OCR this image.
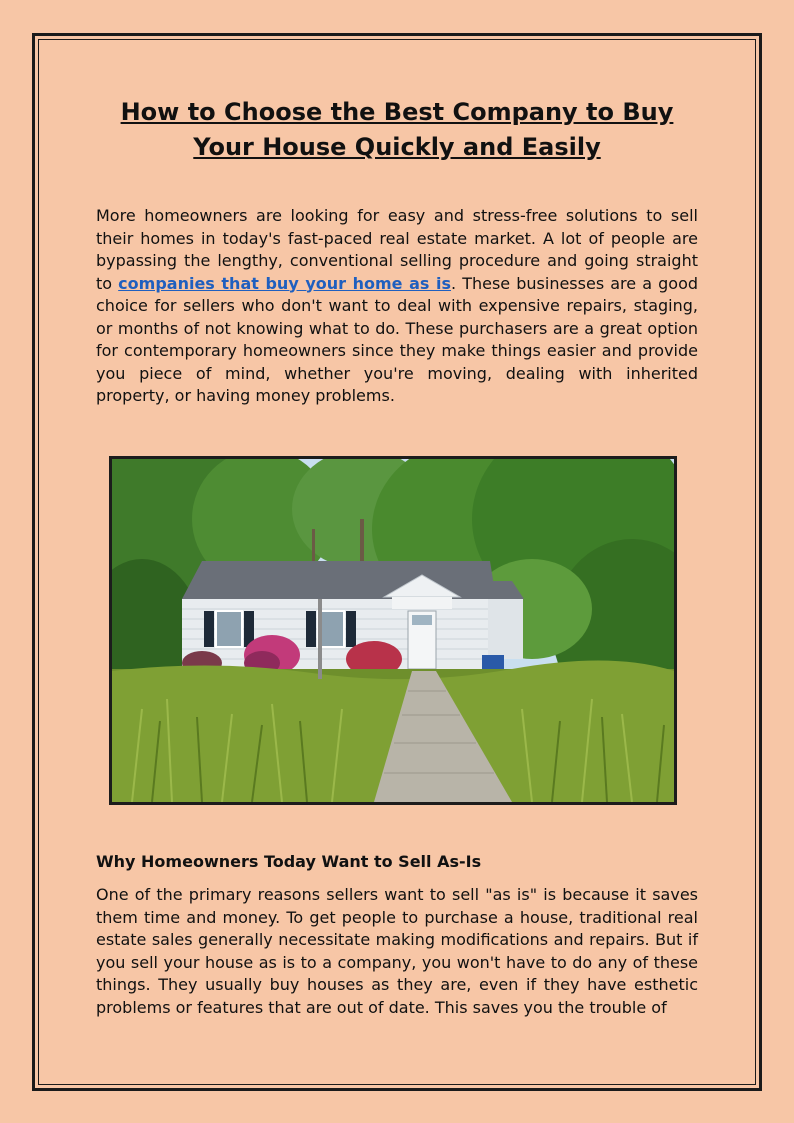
How to Choose the Best Company to Buy
Your House Quickly and Easily

More homeowners are looking for easy and stress-free solutions to sell their homes in today's fast-paced real estate market. A lot of people are bypassing the lengthy, conventional selling procedure and going straight to companies that buy your home as is. These businesses are a good choice for sellers who don't want to deal with expensive repairs, staging, or months of not knowing what to do. These purchasers are a great option for contemporary homeowners since they make things easier and provide you piece of mind, whether you're moving, dealing with inherited property, or having money problems.

Why Homeowners Today Want to Sell As-Is

One of the primary reasons sellers want to sell "as is" is because it saves them time and money. To get people to purchase a house, traditional real estate sales generally necessitate making modifications and repairs. But if you sell your house as is to a company, you won't have to do any of these things. They usually buy houses as they are, even if they have esthetic problems or features that are out of date. This saves you the trouble of
